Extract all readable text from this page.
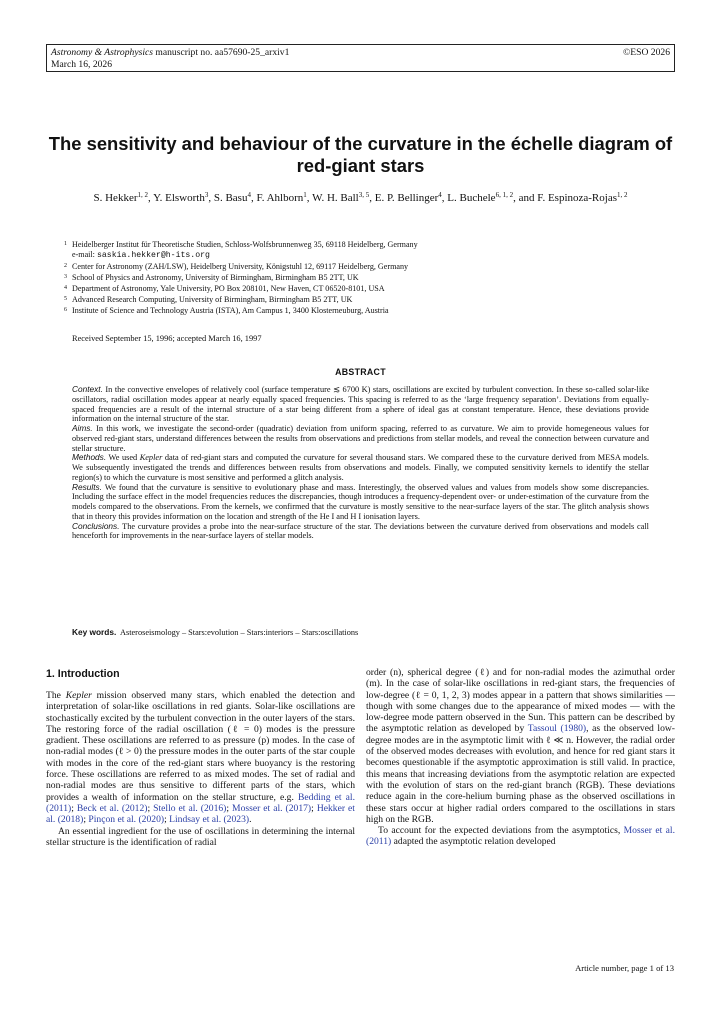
Astronomy & Astrophysics manuscript no. aa57690-25_arxiv1
March 16, 2026
©ESO 2026
The sensitivity and behaviour of the curvature in the échelle diagram of red-giant stars
S. Hekker$^{1, 2}$, Y. Elsworth$^3$, S. Basu$^4$, F. Ahlborn$^1$, W. H. Ball$^{3, 5}$, E. P. Bellinger$^4$, L. Buchele$^{6, 1, 2}$, and F. Espinoza-Rojas$^{1, 2}$
1 Heidelberger Institut für Theoretische Studien, Schloss-Wolfsbrunnenweg 35, 69118 Heidelberg, Germany
e-mail: saskia.hekker@h-its.org
2 Center for Astronomy (ZAH/LSW), Heidelberg University, Königstuhl 12, 69117 Heidelberg, Germany
3 School of Physics and Astronomy, University of Birmingham, Birmingham B5 2TT, UK
4 Department of Astronomy, Yale University, PO Box 208101, New Haven, CT 06520-8101, USA
5 Advanced Research Computing, University of Birmingham, Birmingham B5 2TT, UK
6 Institute of Science and Technology Austria (ISTA), Am Campus 1, 3400 Klosterneuburg, Austria
Received September 15, 1996; accepted March 16, 1997
ABSTRACT

Context. In the convective envelopes of relatively cool (surface temperature ≲ 6700 K) stars, oscillations are excited by turbulent convection. In these so-called solar-like oscillators, radial oscillation modes appear at nearly equally spaced frequencies. This spacing is referred to as the ‘large frequency separation’. Deviations from equally-spaced frequencies are a result of the internal structure of a star being different from a sphere of ideal gas at constant temperature. Hence, these deviations provide information on the internal structure of the star.

Aims. In this work, we investigate the second-order (quadratic) deviation from uniform spacing, referred to as curvature. We aim to provide homegeneous values for observed red-giant stars, understand differences between the results from observations and predictions from stellar models, and reveal the connection between curvature and stellar structure.

Methods. We used Kepler data of red-giant stars and computed the curvature for several thousand stars. We compared these to the curvature derived from MESA models. We subsequently investigated the trends and differences between results from observations and models. Finally, we computed sensitivity kernels to identify the stellar region(s) to which the curvature is most sensitive and performed a glitch analysis.

Results. We found that the curvature is sensitive to evolutionary phase and mass. Interestingly, the observed values and values from models show some discrepancies. Including the surface effect in the model frequencies reduces the discrepancies, though introduces a frequency-dependent over- or under-estimation of the curvature from the models compared to the observations. From the kernels, we confirmed that the curvature is mostly sensitive to the near-surface layers of the star. The glitch analysis shows that in theory this provides information on the location and strength of the He I and H I ionisation layers.

Conclusions. The curvature provides a probe into the near-surface structure of the star. The deviations between the curvature derived from observations and models call henceforth for improvements in the near-surface layers of stellar models.

Key words. Asteroseismology – Stars:evolution – Stars:interiors – Stars:oscillations
1. Introduction

The Kepler mission observed many stars, which enabled the detection and interpretation of solar-like oscillations in red giants. Solar-like oscillations are stochastically excited by the turbulent convection in the outer layers of the stars. The restoring force of the radial oscillation (ℓ = 0) modes is the pressure gradient. These oscillations are referred to as pressure (p) modes. In the case of non-radial modes (ℓ > 0) the pressure modes in the outer parts of the star couple with modes in the core of the red-giant stars where buoyancy is the restoring force. These oscillations are referred to as mixed modes. The set of radial and non-radial modes are thus sensitive to different parts of the stars, which provides a wealth of information on the stellar structure, e.g. Bedding et al. (2011); Beck et al. (2012); Stello et al. (2016); Mosser et al. (2017); Hekker et al. (2018); Pinçon et al. (2020); Lindsay et al. (2023).

An essential ingredient for the use of oscillations in determining the internal stellar structure is the identification of radial

order (n), spherical degree (ℓ) and for non-radial modes the azimuthal order (m). In the case of solar-like oscillations in red-giant stars, the frequencies of low-degree (ℓ = 0, 1, 2, 3) modes appear in a pattern that shows similarities — though with some changes due to the appearance of mixed modes — with the low-degree mode pattern observed in the Sun. This pattern can be described by the asymptotic relation as developed by Tassoul (1980), as the observed low-degree modes are in the asymptotic limit with ℓ ≪ n. However, the radial order of the observed modes decreases with evolution, and hence for red giant stars it becomes questionable if the asymptotic approximation is still valid. In practice, this means that increasing deviations from the asymptotic relation are expected with the evolution of stars on the red-giant branch (RGB). These deviations reduce again in the core-helium burning phase as the observed oscillations in these stars occur at higher radial orders compared to the oscillations in stars high on the RGB.

To account for the expected deviations from the asymptotics, Mosser et al. (2011) adapted the asymptotic relation developed

Article number, page 1 of 13
